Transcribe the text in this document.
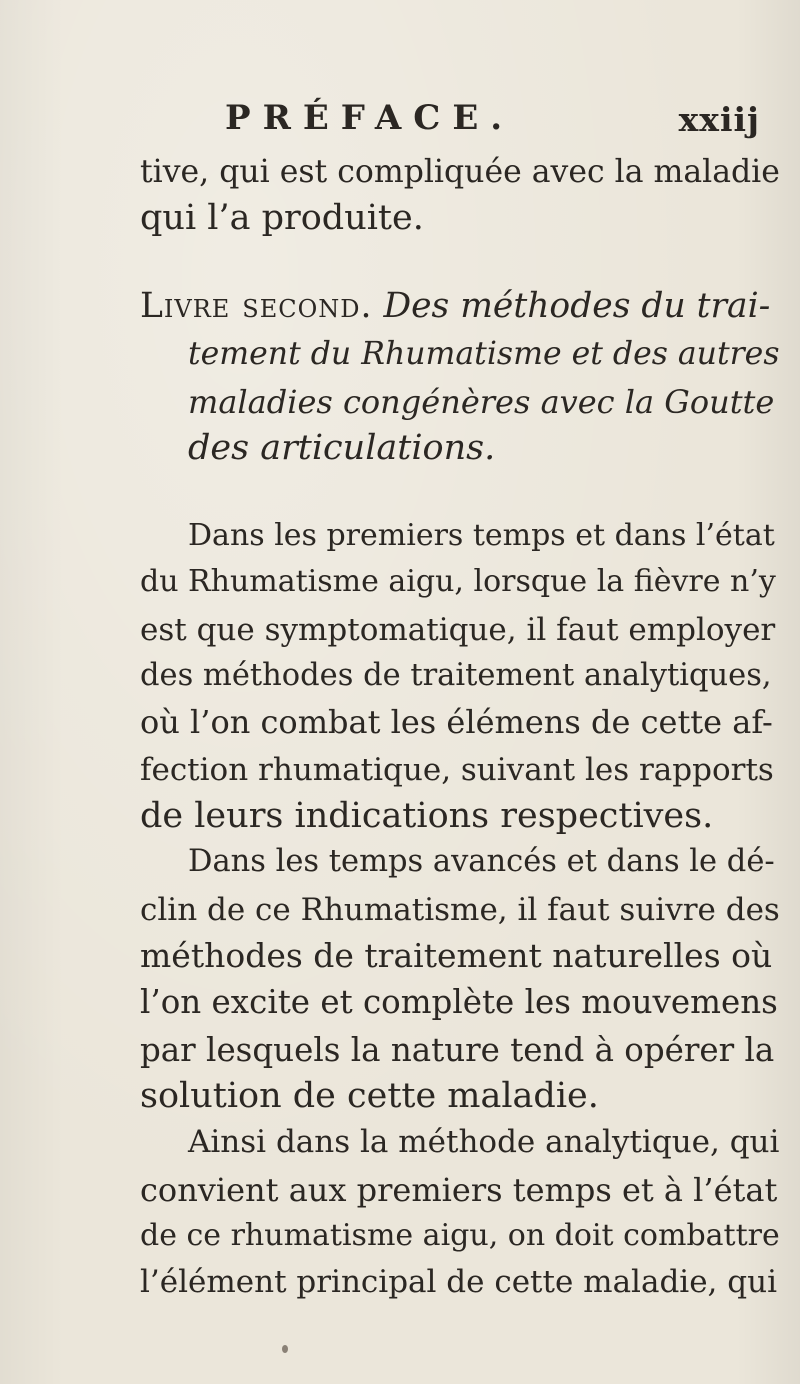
PRÉFACE.	xxiij
tive, qui est compliquée avec la maladie
qui l’a produite.
Livre second. Des méthodes du trai-
tement du Rhumatisme et des autres
maladies congénères avec la Goutte
des articulations.
Dans les premiers temps et dans l’état
du Rhumatisme aigu, lorsque la fièvre n’y
est que symptomatique, il faut employer
des méthodes de traitement analytiques,
où l’on combat les élémens de cette af-
fection rhumatique, suivant les rapports
de leurs indications respectives.
Dans les temps avancés et dans le dé-
clin de ce Rhumatisme, il faut suivre des
méthodes de traitement naturelles où
l’on excite et complète les mouvemens
par lesquels la nature tend à opérer la
solution de cette maladie.
Ainsi dans la méthode analytique, qui
convient aux premiers temps et à l’état
de ce rhumatisme aigu, on doit combattre
l’élément principal de cette maladie, qui
